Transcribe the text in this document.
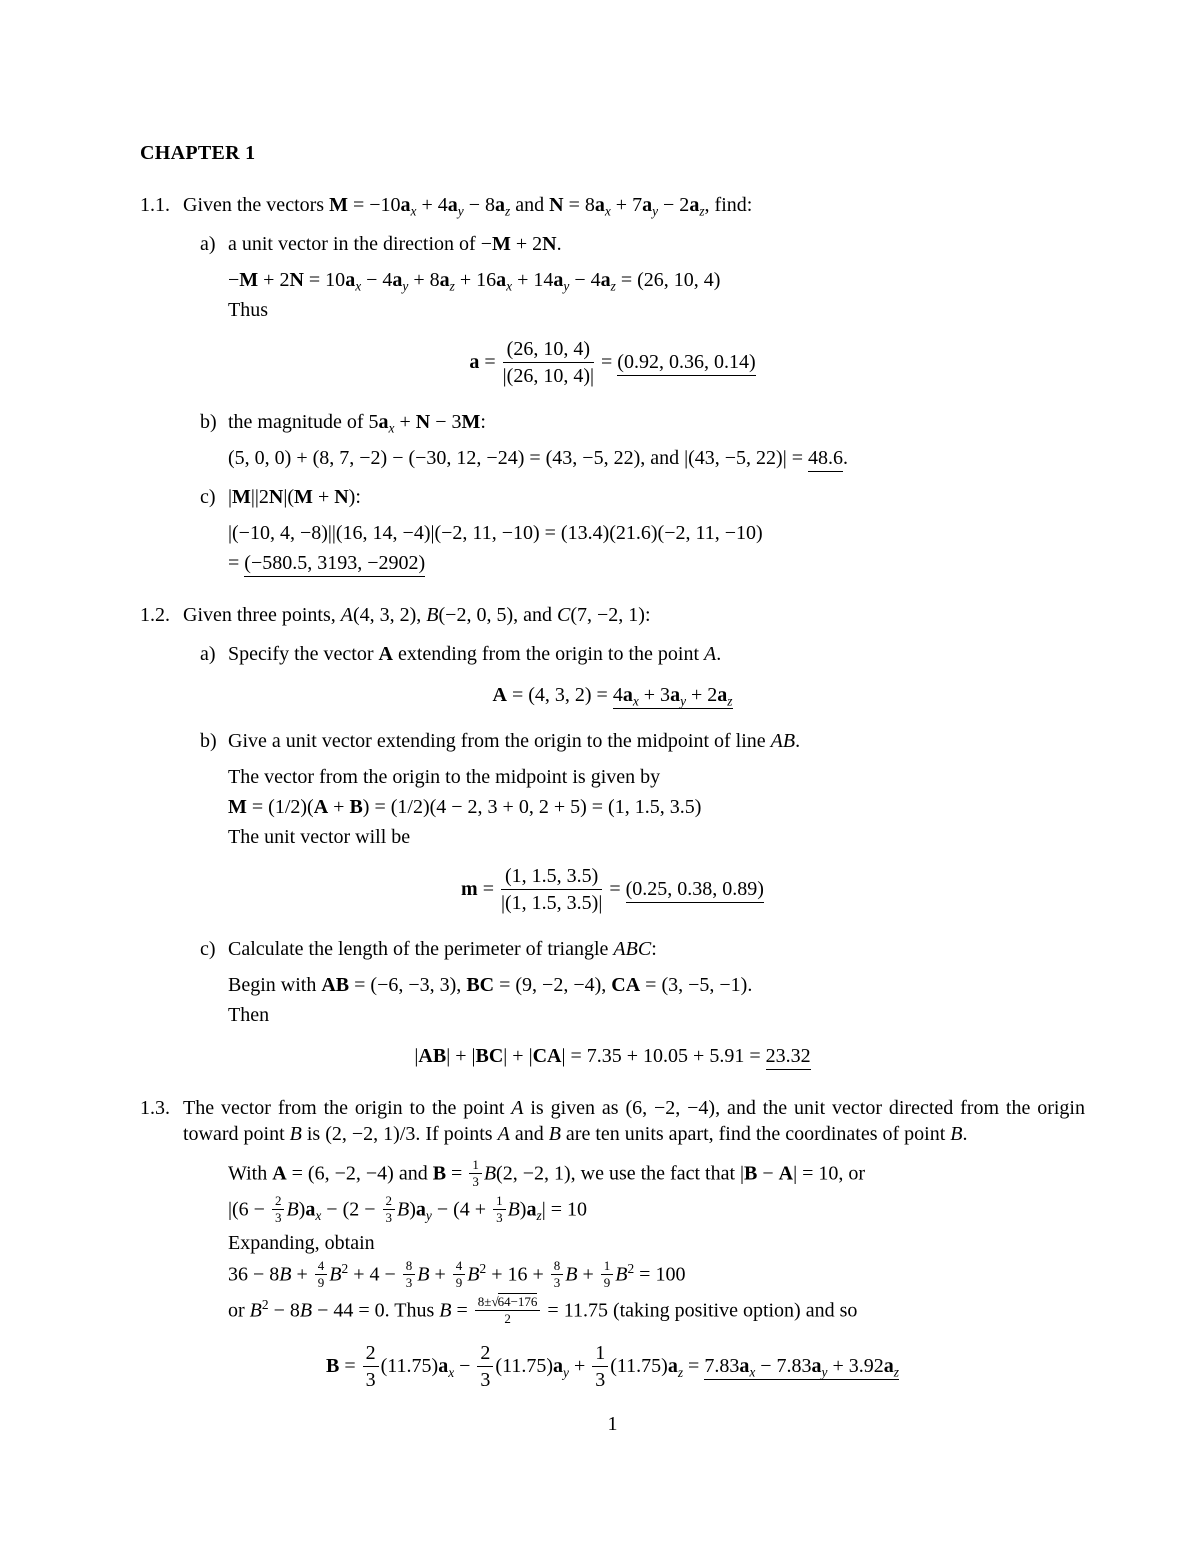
CHAPTER 1
1.1. Given the vectors $M = -10a_x + 4a_y - 8a_z$ and $N = 8a_x + 7a_y - 2a_z$, find:
a) a unit vector in the direction of −M + 2N.
$-M + 2N = 10a_x - 4a_y + 8a_z + 16a_x + 14a_y - 4a_z = (26$, 10, 4)
Thus
$a = \frac{(26, 10, 4)}{|(26, 10, 4)|} = (0.92$, 0.36, 0.14)
b) the magnitude of $5a_x + N - 3M$:
(5, 0, 0) + (8, 7, −2) − (−30, 12, −24) = (43, −5, 22), and |(43, −5, 22)| = 48.6.
c) |M||2N|(M + N):
|(−10, 4, −8)||(16, 14, −4)|(−2, 11, −10) = (13.4)(21.6)(−2, 11, −10)
= (−580.5, 3193, −2902)
1.2. Given three points, A(4, 3, 2), B(−2, 0, 5), and C(7, −2, 1):
a) Specify the vector A extending from the origin to the point A.
A = (4, 3, $2) = 4a_x + 3a_y + 2a_z$
b) Give a unit vector extending from the origin to the midpoint of line AB.
The vector from the origin to the midpoint is given by
M = (1/2)(A + B) = (1/2)(4 − 2, 3 + 0, 2 + 5) = (1, 1.5, 3.5)
The unit vector will be
$m = \frac{(1, 1.5, 3.5)}{|(1, 1.5, 3.5)|} = (0.25$, 0.38, 0.89)
c) Calculate the length of the perimeter of triangle ABC:
Begin with AB = (−6, −3, 3), BC = (9, −2, −4), CA = (3, −5, −1).
Then
|AB| + |BC| + |CA| = 7.35 + 10.05 + 5.91 = 23.32
1.3. The vector from the origin to the point A is given as (6, −2, −4), and the unit vector directed from the origin toward point B is (2, −2, 1)/3. If points A and B are ten units apart, find the coordinates of point B.
With A = (6, −2, −4) and $B = \frac{1}{3} B(2$, −2, 1), we use the fact that |B − A| = 10, or
$|(6 - \frac{2}{3} B)a_x - (2 - \frac{2}{3} B)a_y - (4 + \frac{1}{3} B)a_z| = 10$
Expanding, obtain
$36 - 8B + \frac{4}{9} B^2 + 4 - \frac{8}{3}$ $B + \frac{4}{9} B^2 + 16 + \frac{8}{3}$ $B + \frac{1}{9} B^2 = 100$
or $B^2 - 8B - 44 = 0$. Thus $B = \frac{8\pm√64-176}{2} = 11.75$ (taking positive option) and so
$B = \frac{2}{3} (11.75)a_x - \frac{2}{3} (11.75)a_y + \frac{1}{3} (11.75)a_z = 7.83a_x - 7.83a_y + 3.92a_z$
1
